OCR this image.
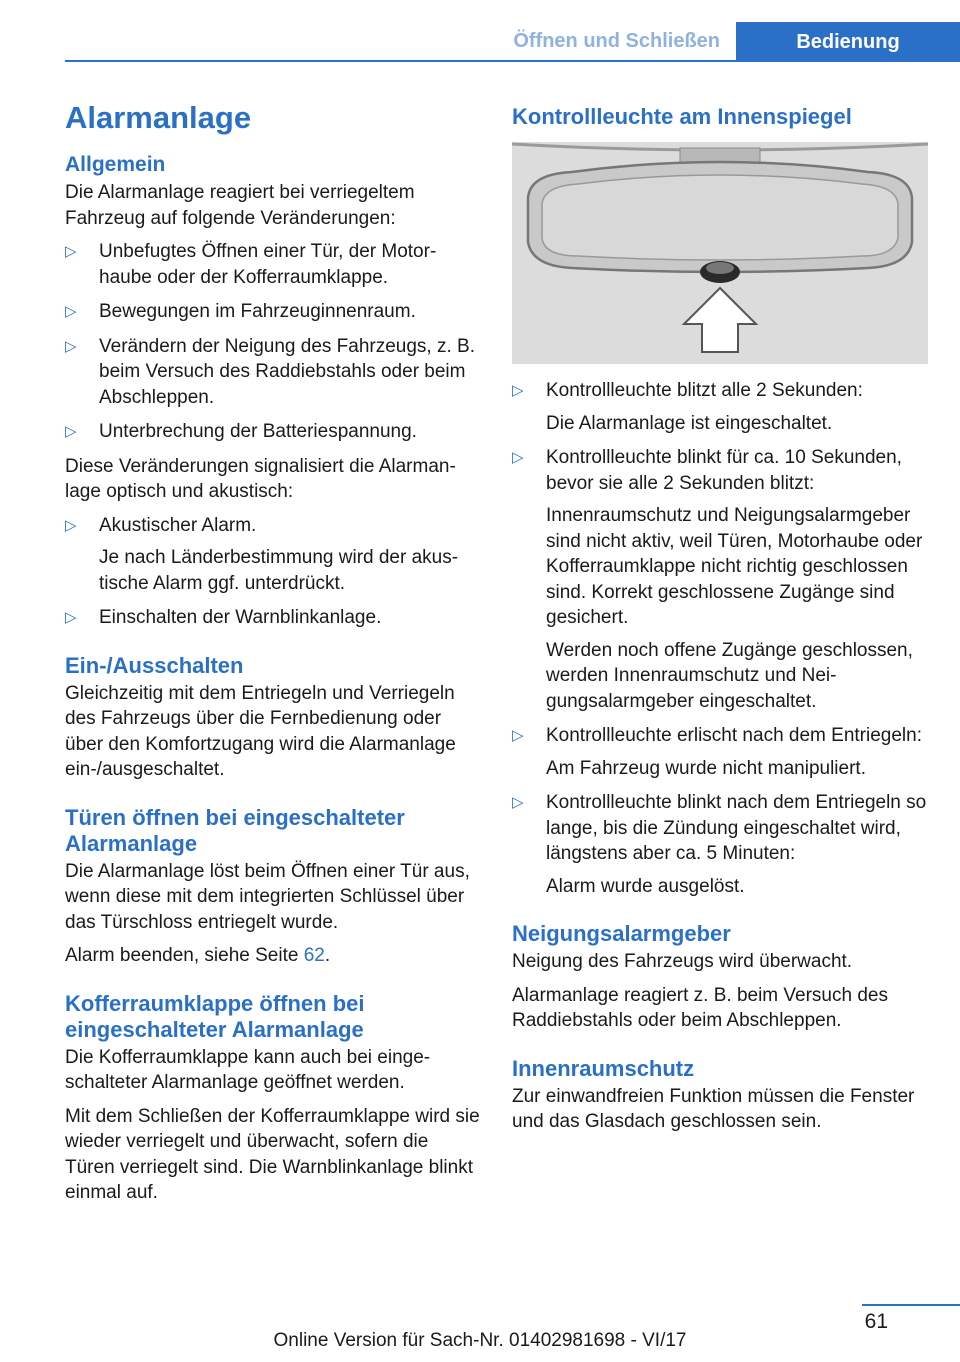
Öffnen und Schließen	Bedienung
Alarmanlage
Allgemein

Die Alarmanlage reagiert bei verriegeltem Fahrzeug auf folgende Veränderungen:

▷ Unbefugtes Öffnen einer Tür, der Motorhaube oder der Kofferraumklappe.
▷ Bewegungen im Fahrzeuginnenraum.
▷ Verändern der Neigung des Fahrzeugs, z. B. beim Versuch des Raddiebstahls oder beim Abschleppen.
▷ Unterbrechung der Batteriespannung.

Diese Veränderungen signalisiert die Alarmanlage optisch und akustisch:

▷ Akustischer Alarm.
Je nach Länderbestimmung wird der akustische Alarm ggf. unterdrückt.
▷ Einschalten der Warnblinkanlage.
Ein-/Ausschalten

Gleichzeitig mit dem Entriegeln und Verriegeln des Fahrzeugs über die Fernbedienung oder über den Komfortzugang wird die Alarmanlage ein-/ausgeschaltet.

Türen öffnen bei eingeschalteter Alarmanlage

Die Alarmanlage löst beim Öffnen einer Tür aus, wenn diese mit dem integrierten Schlüssel über das Türschloss entriegelt wurde.

Alarm beenden, siehe Seite 62.

Kofferraumklappe öffnen bei eingeschalteter Alarmanlage

Die Kofferraumklappe kann auch bei eingeschalteter Alarmanlage geöffnet werden.

Mit dem Schließen der Kofferraumklappe wird sie wieder verriegelt und überwacht, sofern die Türen verriegelt sind. Die Warnblinkanlage blinkt einmal auf.

Kontrollleuchte am Innenspiegel
▷ Kontrollleuchte blitzt alle 2 Sekunden:
Die Alarmanlage ist eingeschaltet.
▷ Kontrollleuchte blinkt für ca. 10 Sekunden, bevor sie alle 2 Sekunden blitzt:
Innenraumschutz und Neigungsalarmgeber sind nicht aktiv, weil Türen, Motorhaube oder Kofferraumklappe nicht richtig geschlossen sind. Korrekt geschlossene Zugänge sind gesichert.
Werden noch offene Zugänge geschlossen, werden Innenraumschutz und Neigungsalarmgeber eingeschaltet.
▷ Kontrollleuchte erlischt nach dem Entriegeln:
Am Fahrzeug wurde nicht manipuliert.
▷ Kontrollleuchte blinkt nach dem Entriegeln so lange, bis die Zündung eingeschaltet wird, längstens aber ca. 5 Minuten:
Alarm wurde ausgelöst.
Neigungsalarmgeber

Neigung des Fahrzeugs wird überwacht.

Alarmanlage reagiert z. B. beim Versuch des Raddiebstahls oder beim Abschleppen.

Innenraumschutz

Zur einwandfreien Funktion müssen die Fenster und das Glasdach geschlossen sein.

61
Online Version für Sach-Nr. 01402981698 - VI/17
